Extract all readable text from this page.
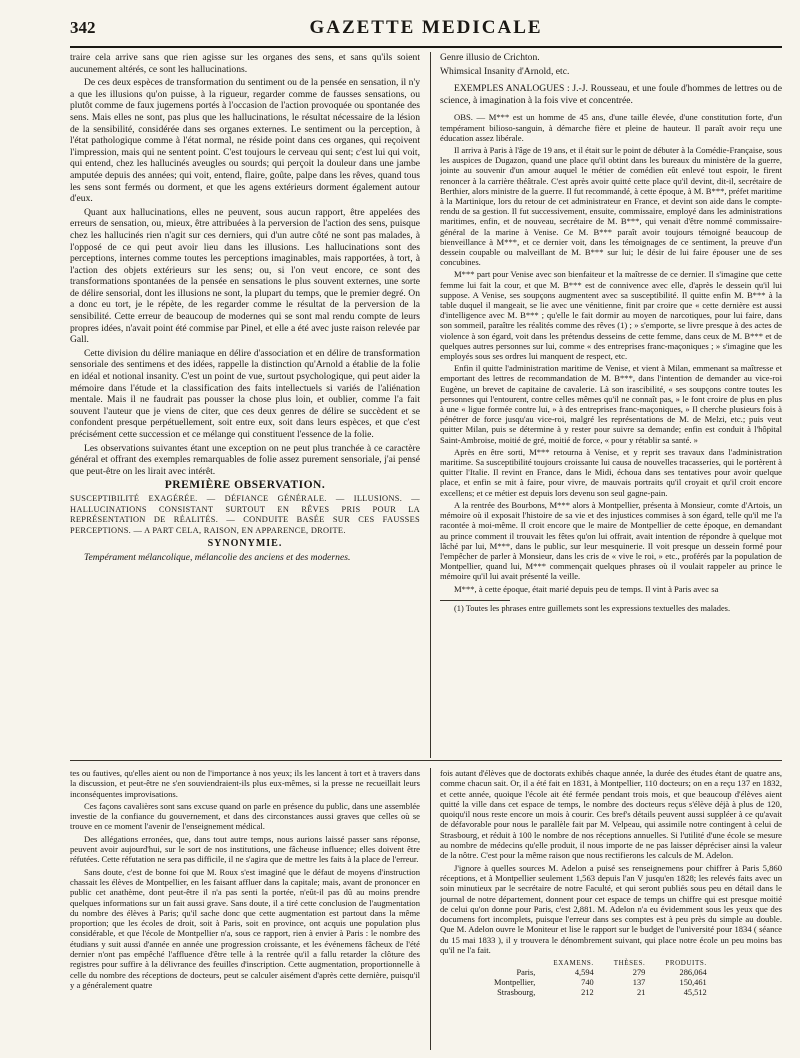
342	GAZETTE MEDICALE

traire cela arrive sans que rien agisse sur les organes des sens, et sans qu'ils soient aucunement altérés, ce sont les hallucinations.

De ces deux espèces de transformation du sentiment ou de la pensée en sensation, il n'y a que les illusions qu'on puisse, à la rigueur, regarder comme de fausses sensations, ou plutôt comme de faux jugemens portés à l'occasion de l'action provoquée ou spontanée des sens. Mais elles ne sont, pas plus que les hallucinations, le résultat nécessaire de la lésion de la sensibilité, considérée dans ses organes externes. Le sentiment ou la perception, à l'état pathologique comme à l'état normal, ne réside point dans ces organes, qui reçoivent l'impression, mais qui ne sentent point. C'est toujours le cerveau qui sent; c'est lui qui voit, qui entend, chez les hallucinés aveugles ou sourds; qui perçoit la douleur dans une jambe amputée depuis des années; qui voit, entend, flaire, goûte, palpe dans les rêves, quand tous les sens sont fermés ou dorment, et que les agens extérieurs dorment également autour d'eux.

Quant aux hallucinations, elles ne peuvent, sous aucun rapport, être appelées des erreurs de sensation, ou, mieux, être attribuées à la perversion de l'action des sens, puisque chez les hallucinés rien n'agit sur ces derniers, qui d'un autre côté ne sont pas malades, à l'opposé de ce qui peut avoir lieu dans les illusions. Les hallucinations sont des perceptions, internes comme toutes les perceptions imaginables, mais rapportées, à tort, à l'action des objets extérieurs sur les sens; ou, si l'on veut encore, ce sont des transformations spontanées de la pensée en sensations le plus souvent externes, une sorte de délire sensorial, dont les illusions ne sont, la plupart du temps, que le premier degré. On a donc eu tort, je le répète, de les regarder comme le résultat de la perversion de la sensibilité. Cette erreur de beaucoup de modernes qui se sont mal rendu compte de leurs propres idées, n'avait point été commise par Pinel, et elle a été avec juste raison relevée par Gall.

Cette division du délire maniaque en délire d'association et en délire de transformation sensoriale des sentimens et des idées, rappelle la distinction qu'Arnold a établie de la folie en idéal et notional insanity. C'est un point de vue, surtout psychologique, qui peut aider la mémoire dans l'étude et la classification des faits intellectuels si variés de l'aliénation mentale. Mais il ne faudrait pas pousser la chose plus loin, et oublier, comme l'a fait souvent l'auteur que je viens de citer, que ces deux genres de délire se succèdent et se confondent presque perpétuellement, soit entre eux, soit dans leurs espèces, et que c'est précisément cette succession et ce mélange qui constituent l'essence de la folie.

Les observations suivantes étant une exception on ne peut plus tranchée à ce caractère général et offrant des exemples remarquables de folie assez purement sensoriale, j'ai pensé que peut-être on les lirait avec intérêt.

PREMIÈRE OBSERVATION.

SUSCEPTIBILITÉ EXAGÉRÉE. — DÉFIANCE GÉNÉRALE. — ILLUSIONS. — HALLUCINATIONS CONSISTANT SURTOUT EN RÊVES PRIS POUR LA REPRÉSENTATION DE RÉALITÉS. — CONDUITE BASÉE SUR CES FAUSSES PERCEPTIONS. — A PART CELA, RAISON, EN APPARENCE, DROITE.

SYNONYMIE.

Tempérament mélancolique, mélancolie des anciens et des modernes.

Genre illusio de Crichton.

Whimsical Insanity d'Arnold, etc.

EXEMPLES ANALOGUES : J.-J. Rousseau, et une foule d'hommes de lettres ou de science, à imagination à la fois vive et concentrée.

OBS. — M*** est un homme de 45 ans, d'une taille élevée, d'une constitution forte, d'un tempérament bilioso-sanguin, à démarche fière et pleine de hauteur. Il paraît avoir reçu une éducation assez libérale.

Il arriva à Paris à l'âge de 19 ans, et il était sur le point de débuter à la Comédie-Française, sous les auspices de Dugazon, quand une place qu'il obtint dans les bureaux du ministère de la guerre, jointe au souvenir d'un amour auquel le métier de comédien eût enlevé tout espoir, le firent renoncer à la carrière théâtrale. C'est après avoir quitté cette place qu'il devint, dit-il, secrétaire de Berthier, alors ministre de la guerre. Il fut recommandé, à cette époque, à M. B***, préfet maritime à la Martinique, lors du retour de cet administrateur en France, et devint son aide dans le compte-rendu de sa gestion. Il fut successivement, ensuite, commissaire, employé dans les administrations maritimes, enfin, et de nouveau, secrétaire de M. B***, qui venait d'être nommé commissaire-général de la marine à Venise. Ce M. B*** paraît avoir toujours témoigné beaucoup de bienveillance à M***, et ce dernier voit, dans les témoignages de ce sentiment, la preuve d'un dessein coupable ou malveillant de M. B*** sur lui; le désir de lui faire épouser une de ses concubines.

M*** part pour Venise avec son bienfaiteur et la maîtresse de ce dernier. Il s'imagine que cette femme lui fait la cour, et que M. B*** est de connivence avec elle, d'après le dessein qu'il lui suppose. A Venise, ses soupçons augmentent avec sa susceptibilité. Il quitte enfin M. B*** à la table duquel il mangeait, se lie avec une vénitienne, finit par croire que « cette dernière est aussi d'intelligence avec M. B*** ; qu'elle le fait dormir au moyen de narcotiques, pour lui faire, dans son sommeil, paraître les réalités comme des rêves (1) ; » s'emporte, se livre presque à des actes de violence à son égard, voit dans les prétendus desseins de cette femme, dans ceux de M. B*** et de quelques autres personnes sur lui, comme « des entreprises franc-maçoniques ; » s'imagine que les employés sous ses ordres lui manquent de respect, etc.

Enfin il quitte l'administration maritime de Venise, et vient à Milan, emmenant sa maîtresse et emportant des lettres de recommandation de M. B***, dans l'intention de demander au vice-roi Eugène, un brevet de capitaine de cavalerie. Là son irascibilité, « ses soupçons contre toutes les personnes qui l'entourent, contre celles mêmes qu'il ne connaît pas, » le font croire de plus en plus à une « ligue formée contre lui, » à des entreprises franc-maçoniques, » Il cherche plusieurs fois à pénétrer de force jusqu'au vice-roi, malgré les représentations de M. de Melzi, etc.; puis veut quitter Milan, puis se détermine à y rester pour suivre sa demande; enfin est conduit à l'hôpital Saint-Ambroise, moitié de gré, moitié de force, « pour y rétablir sa santé. »

Après en être sorti, M*** retourna à Venise, et y reprit ses travaux dans l'administration maritime. Sa susceptibilité toujours croissante lui causa de nouvelles tracasseries, qui le portèrent à quitter l'Italie. Il revint en France, dans le Midi, échoua dans ses tentatives pour avoir quelque place, et enfin se mit à faire, pour vivre, de mauvais portraits qu'il croyait et qu'il croit encore excellens; et ce métier est depuis lors devenu son seul gagne-pain.

A la rentrée des Bourbons, M*** alors à Montpellier, présenta à Monsieur, comte d'Artois, un mémoire où il exposait l'histoire de sa vie et des injustices commises à son égard, telle qu'il me l'a racontée à moi-même. Il croit encore que le maire de Montpellier de cette époque, en demandant au prince comment il trouvait les fêtes qu'on lui offrait, avait intention de répondre à quelque mot lâché par lui, M***, dans le public, sur leur mesquinerie. Il voit presque un dessein formé pour l'empêcher de parler à Monsieur, dans les cris de « vive le roi, » etc., proférés par la population de Montpellier, quand lui, M*** commençait quelques phrases où il voulait rappeler au prince le mémoire qu'il lui avait présenté la veille.

M***, à cette époque, était marié depuis peu de temps. Il vint à Paris avec sa

(1) Toutes les phrases entre guillemets sont les expressions textuelles des malades.

tes ou fautives, qu'elles aient ou non de l'importance à nos yeux; ils les lancent à tort et à travers dans la discussion, et peut-être ne s'en souviendraient-ils plus eux-mêmes, si la presse ne recueillait leurs inconséquentes improvisations.

Ces façons cavalières sont sans excuse quand on parle en présence du public, dans une assemblée investie de la confiance du gouvernement, et dans des circonstances aussi graves que celles où se trouve en ce moment l'avenir de l'enseignement médical.

Des allégations erronées, que, dans tout autre temps, nous aurions laissé passer sans réponse, peuvent avoir aujourd'hui, sur le sort de nos institutions, une fâcheuse influence; elles doivent être réfutées. Cette réfutation ne sera pas difficile, il ne s'agira que de mettre les faits à la place de l'erreur.

Sans doute, c'est de bonne foi que M. Roux s'est imaginé que le défaut de moyens d'instruction chassait les élèves de Montpellier, en les faisant affluer dans la capitale; mais, avant de prononcer en public cet anathème, dont peut-être il n'a pas senti la portée, n'eût-il pas dû au moins prendre quelques informations sur un fait aussi grave. Sans doute, il a tiré cette conclusion de l'augmentation du nombre des élèves à Paris; qu'il sache donc que cette augmentation est partout dans la même proportion; que les écoles de droit, soit à Paris, soit en province, ont acquis une population plus considérable, et que l'école de Montpellier n'a, sous ce rapport, rien à envier à Paris : le nombre des étudians y suit aussi d'année en année une progression croissante, et les événemens fâcheux de l'été dernier n'ont pas empêché l'affluence d'être telle à la rentrée qu'il a fallu retarder la clôture des registres pour suffire à la délivrance des feuilles d'inscription. Cette augmentation, proportionnelle à celle du nombre des réceptions de docteurs, peut se calculer aisément d'après cette dernière, puisqu'il y a généralement quatre

fois autant d'élèves que de doctorats exhibés chaque année, la durée des études étant de quatre ans, comme chacun sait. Or, il a été fait en 1831, à Montpellier, 110 docteurs; on en a reçu 137 en 1832, et cette année, quoique l'école ait été fermée pendant trois mois, et que beaucoup d'élèves aient quitté la ville dans cet espace de temps, le nombre des docteurs reçus s'élève déjà à plus de 120, quoiqu'il nous reste encore un mois à courir. Ces bref's détails peuvent aussi suppléer à ce qu'avait de défavorable pour nous le parallèle fait par M. Velpeau, qui assimile notre contingent à celui de Strasbourg, et réduit à 100 le nombre de nos réceptions annuelles. Si l'utilité d'une école se mesure au nombre de médecins qu'elle produit, il nous importe de ne pas laisser dépréciser ainsi la valeur de la nôtre. C'est pour la même raison que nous rectifierons les calculs de M. Adelon.

J'ignore à quelles sources M. Adelon a puisé ses renseignemens pour chiffrer à Paris 5,860 réceptions, et à Montpellier seulement 1,563 depuis l'an V jusqu'en 1828; les relevés faits avec un soin minutieux par le secrétaire de notre Faculté, et qui seront publiés sous peu en détail dans le journal de notre département, donnent pour cet espace de temps un chiffre qui est presque moitié de celui qu'on donne pour Paris, c'est 2,881. M. Adelon n'a eu évidemment sous les yeux que des documens fort incomplets, puisque l'erreur dans ses comptes est à peu près du simple au double. Que M. Adelon ouvre le Moniteur et lise le rapport sur le budget de l'université pour 1834 ( séance du 15 mai 1833 ), il y trouvera le dénombrement suivant, qui place notre école un peu moins bas qu'il ne l'a fait.

	EXAMENS.	THÈSES.	PRODUITS.
Paris,	4,594	279	286,064
Montpellier,	740	137	150,461
Strasbourg,	212	21	45,512
